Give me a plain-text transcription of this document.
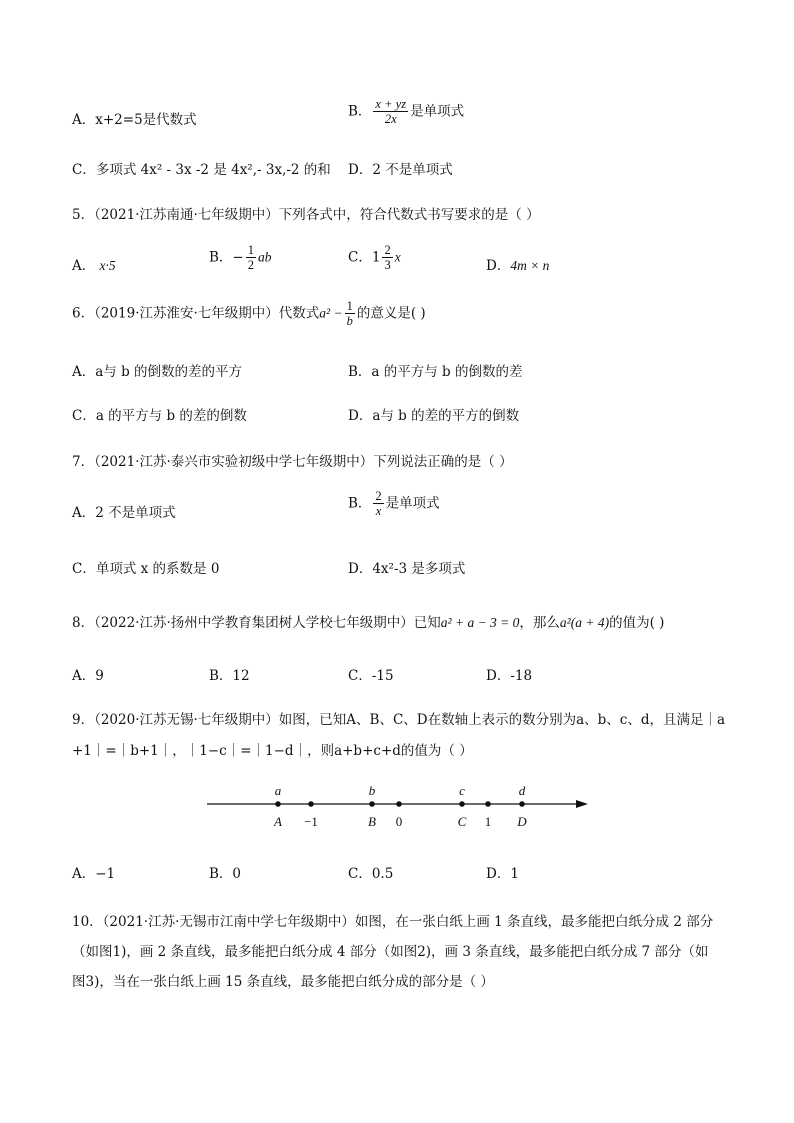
A．x+2=5是代数式
B． $\frac{x + yz}{2x}$ 是单项式
C．多项式 4x² - 3x -2 是 4x²,- 3x,-2 的和 D．2 不是单项式
5．（2021·江苏南通·七年级期中）下列各式中，符合代数式书写要求的是（ ）
A． x·5
B．− $\frac{1}{2}$ ab	C．$1 \frac{2}{3}$ x
D．4m × n
6．（2019·江苏淮安·七年级期中）代数式$a^2 - \frac{1}{b}$ 的意义是( )
A．a与 b 的倒数的差的平方	B．a 的平方与 b 的倒数的差
C．a 的平方与 b 的差的倒数	D．a与 b 的差的平方的倒数
7．（2021·江苏·泰兴市实验初级中学七年级期中）下列说法正确的是（ ）
A．2 不是单项式
B． $\frac{2}{x}$ 是单项式
C．单项式 x 的系数是 0	D．4x²-3 是多项式
8．（2022·江苏·扬州中学教育集团树人学校七年级期中）已知a² + a − 3 = 0，那么a²(a + 4)的值为( )
A．9	B．12	C．-15	D．-18
9．（2020·江苏无锡·七年级期中）如图，已知A、B、C、D在数轴上表示的数分别为a、b、c、d，且满足｜a
+1｜=｜b+1｜，｜1−c｜=｜1−d｜，则a+b+c+d的值为（ ）
a	b	c	d
A −1	B 0	C 1 D
A．−1	B．0	C．0.5	D．1
10．（2021·江苏·无锡市江南中学七年级期中）如图，在一张白纸上画 1 条直线，最多能把白纸分成 2 部分
（如图1)，画 2 条直线，最多能把白纸分成 4 部分（如图2)，画 3 条直线，最多能把白纸分成 7 部分（如
图3)，当在一张白纸上画 15 条直线，最多能把白纸分成的部分是（ ）
